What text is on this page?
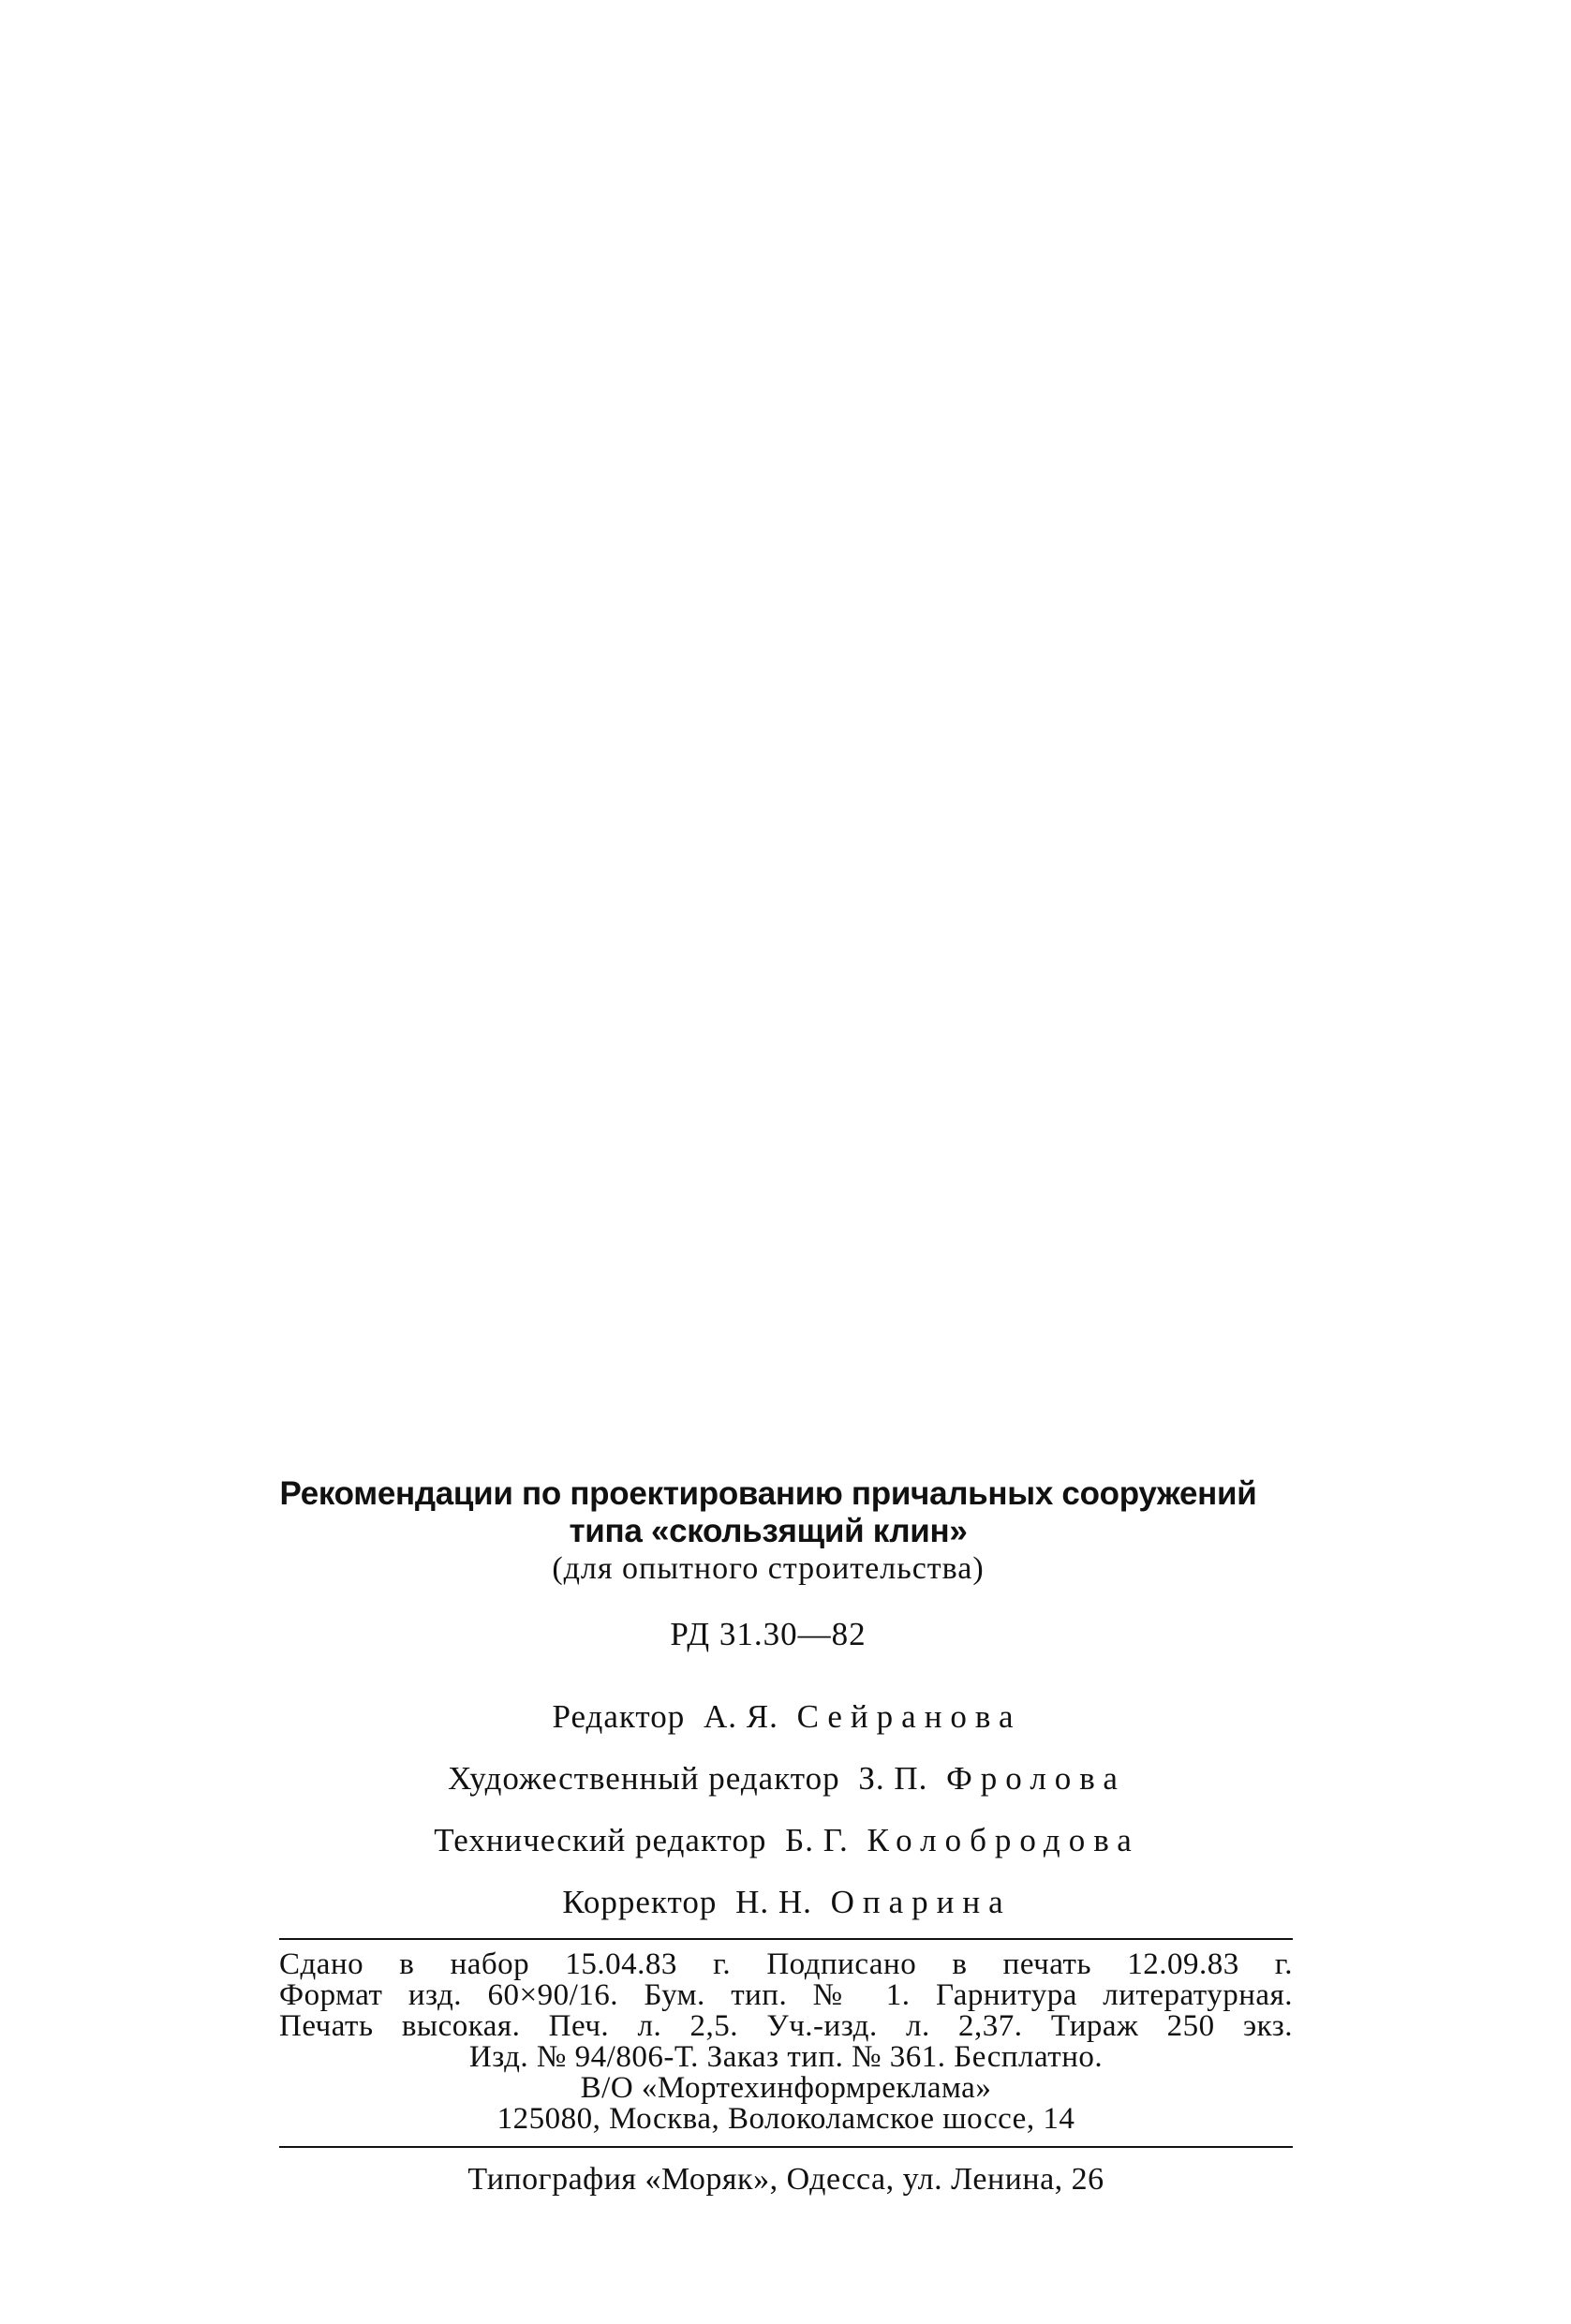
Рекомендации по проектированию причальных сооружений
типа «скользящий клин»
(для опытного строительства)
РД 31.30—82
Редактор А. Я. Сейранова
Художественный редактор З. П. Фролова
Технический редактор Б. Г. Колобродова
Корректор Н. Н. Опарина
Сдано в набор 15.04.83 г. Подписано в печать 12.09.83 г.
Формат изд. 60×90/16. Бум. тип. № 1. Гарнитура литературная.
Печать высокая. Печ. л. 2,5. Уч.-изд. л. 2,37. Тираж 250 экз.
Изд. № 94/806-Т. Заказ тип. № 361. Бесплатно.
В/О «Мортехинформреклама»
125080, Москва, Волоколамское шоссе, 14
Типография «Моряк», Одесса, ул. Ленина, 26
